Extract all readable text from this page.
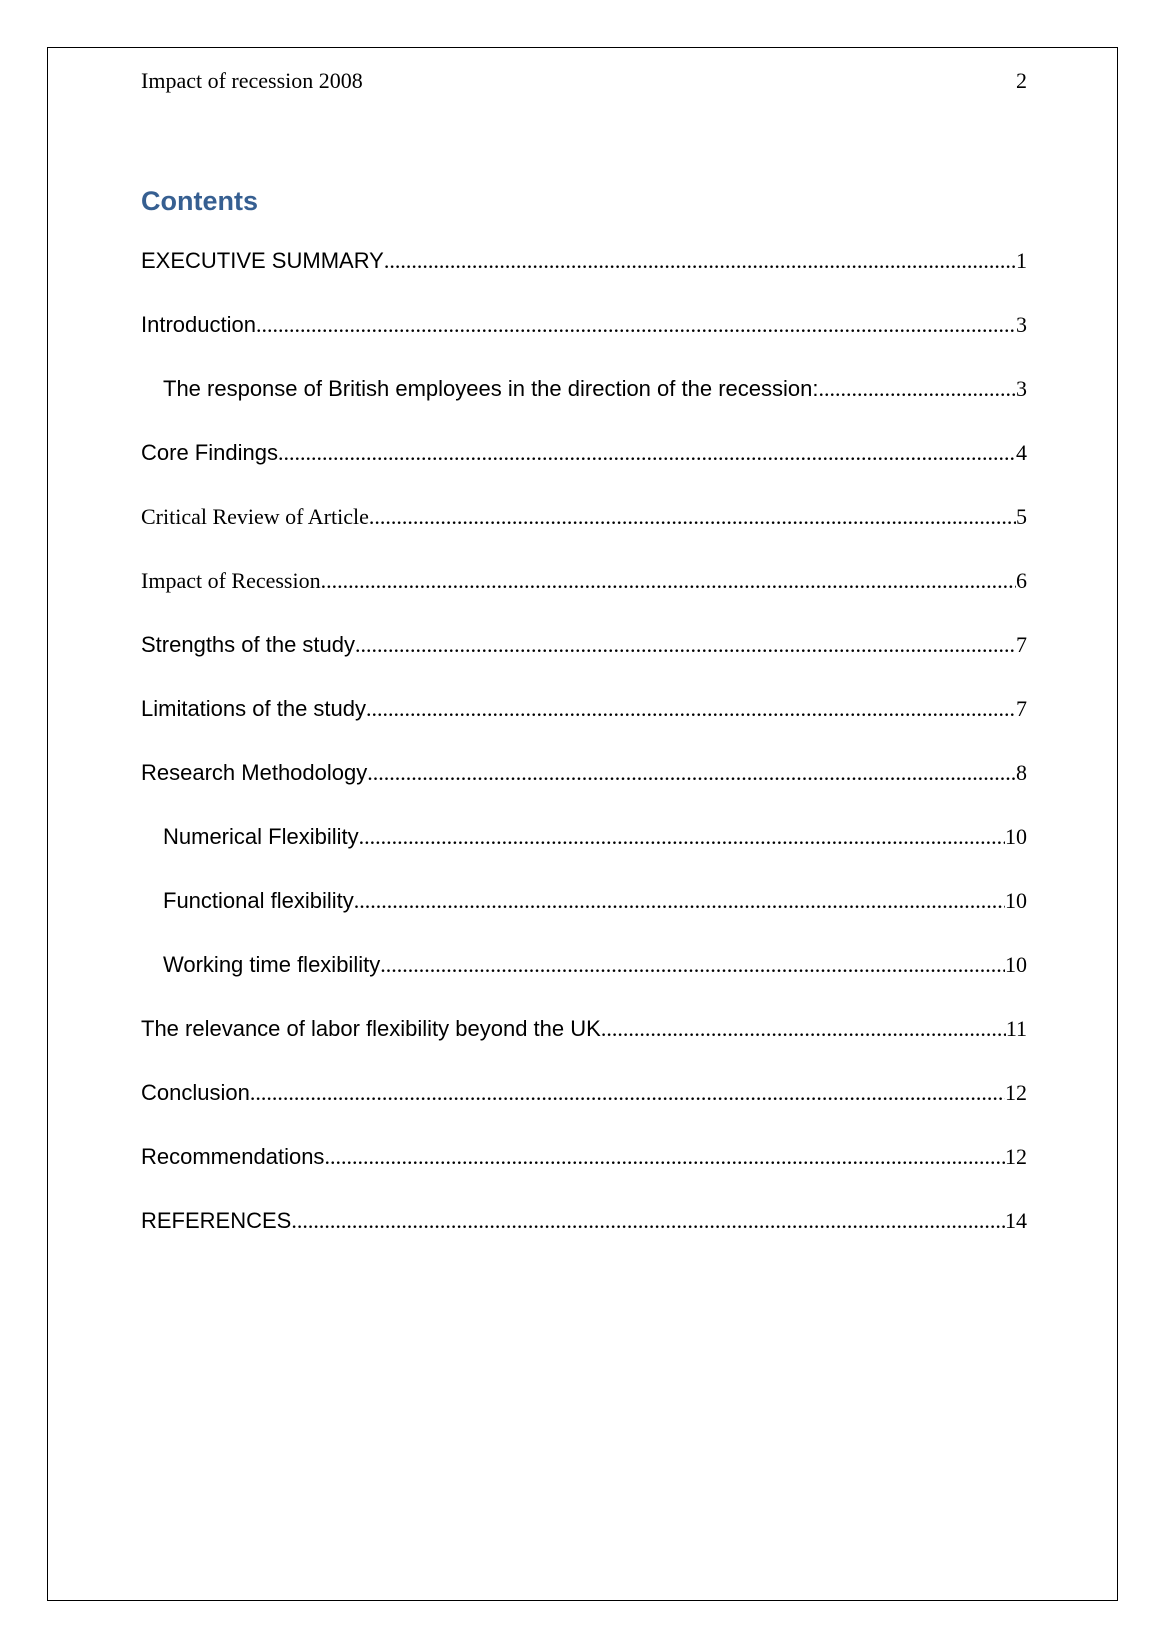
Impact of recession 2008	2
Contents
EXECUTIVE SUMMARY .....	1
Introduction .....	3
The response of British employees in the direction of the recession: .....	3
Core Findings .....	4
Critical Review of Article .....	5
Impact of Recession .....	6
Strengths of the study .....	7
Limitations of the study .....	7
Research Methodology .....	8
Numerical Flexibility .....	10
Functional flexibility .....	10
Working time flexibility .....	10
The relevance of labor flexibility beyond the UK .....	11
Conclusion .....	12
Recommendations .....	12
REFERENCES .....	14
